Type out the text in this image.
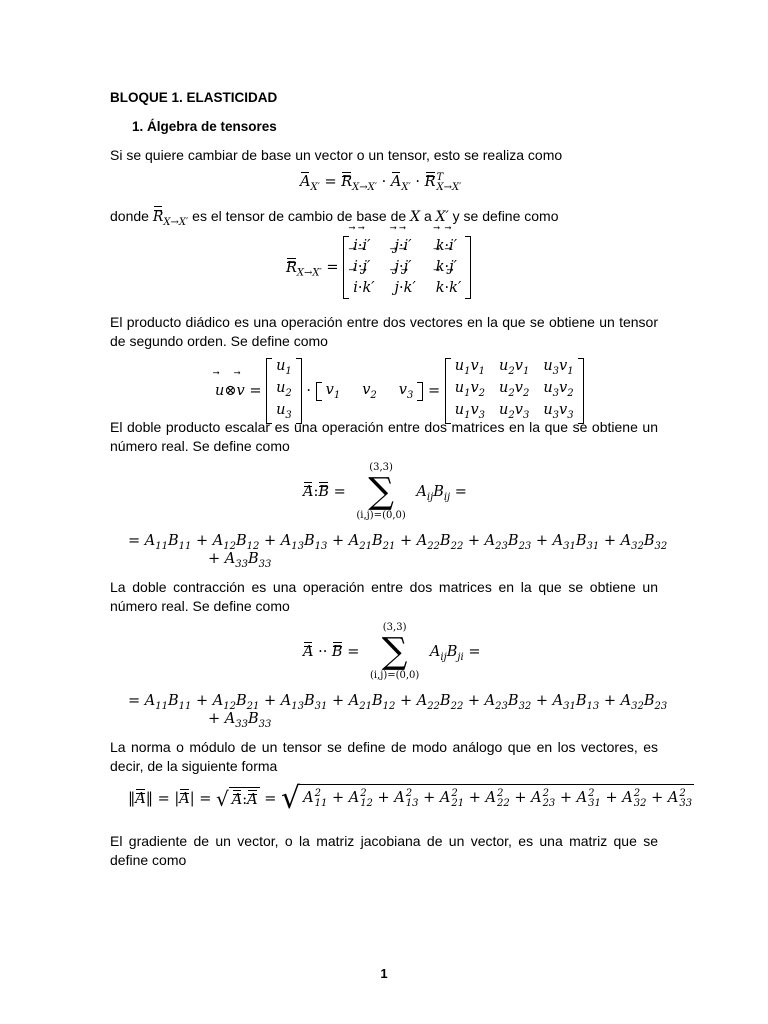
BLOQUE 1. ELASTICIDAD

1. Álgebra de tensores

Si se quiere cambiar de base un vector o un tensor, esto se realiza como

$A_{X'} = R_{X\to X'} \cdot A_{X'} \cdot R$ T
X→X′
donde $R_{X\to X'}$ es el tensor de cambio de base de X a X′ y se define como
$R_{X\to X'}$ =
⃗ i·⃗ i′ ⃗ j·⃗ i′ ⃗ k·⃗ i′
⃗ i·⃗ j′ ⃗ j·⃗ j′ ⃗ k·⃗ j′
⃗ i·⃗ k′ ⃗ j·⃗ k′ ⃗ k·⃗ k′

El producto diádico es una operación entre dos vectores en la que se obtiene un tensor de segundo orden. Se define como

⃗ u⊗⃗ v =
$u_1$
$u_2$
$u_3$
· $v_1$ $v_2$ $v_3$ =
$u_1v_1$ $u_2v_1$ $u_3v_1$
$u_1v_2$ $u_2v_2$ $u_3v_2$
$u_1v_3$ $u_2v_3$ $u_3v_3$

El doble producto escalar es una operación entre dos matrices en la que se obtiene un número real. Se define como

A:B =
(3,3)
∑
(i,j)=(0,0)
$A_{ij}B_{ij}$ =
= $A_{11}B_{11} + A_{12}B_{12} + A_{13}B_{13} + A_{21}B_{21} + A_{22}B_{22} + A_{23}B_{23} + A_{31}B_{31} + A_{32}B_{32}$
+ $A_{33}B_{33}$

La doble contracción es una operación entre dos matrices en la que se obtiene un número real. Se define como

A ·· B =
(3,3)
∑
(i,j)=(0,0)
$A_{ij}B_{ji}$ =
= $A_{11}B_{11} + A_{12}B_{21} + A_{13}B_{31} + A_{21}B_{12} + A_{22}B_{22} + A_{23}B_{32} + A_{31}B_{13} + A_{32}B_{23}$
+ $A_{33}B_{33}$

La norma o módulo de un tensor se define de modo análogo que en los vectores, es decir, de la siguiente forma

‖A‖ = |A| = √ A:A = √ A 2
11 + A 2
12 + A 2
13 + A 2
21 + A 2
22 + A 2
23 + A 2
31 + A 2
32 + A 2
33

El gradiente de un vector, o la matriz jacobiana de un vector, es una matriz que se define como

1
